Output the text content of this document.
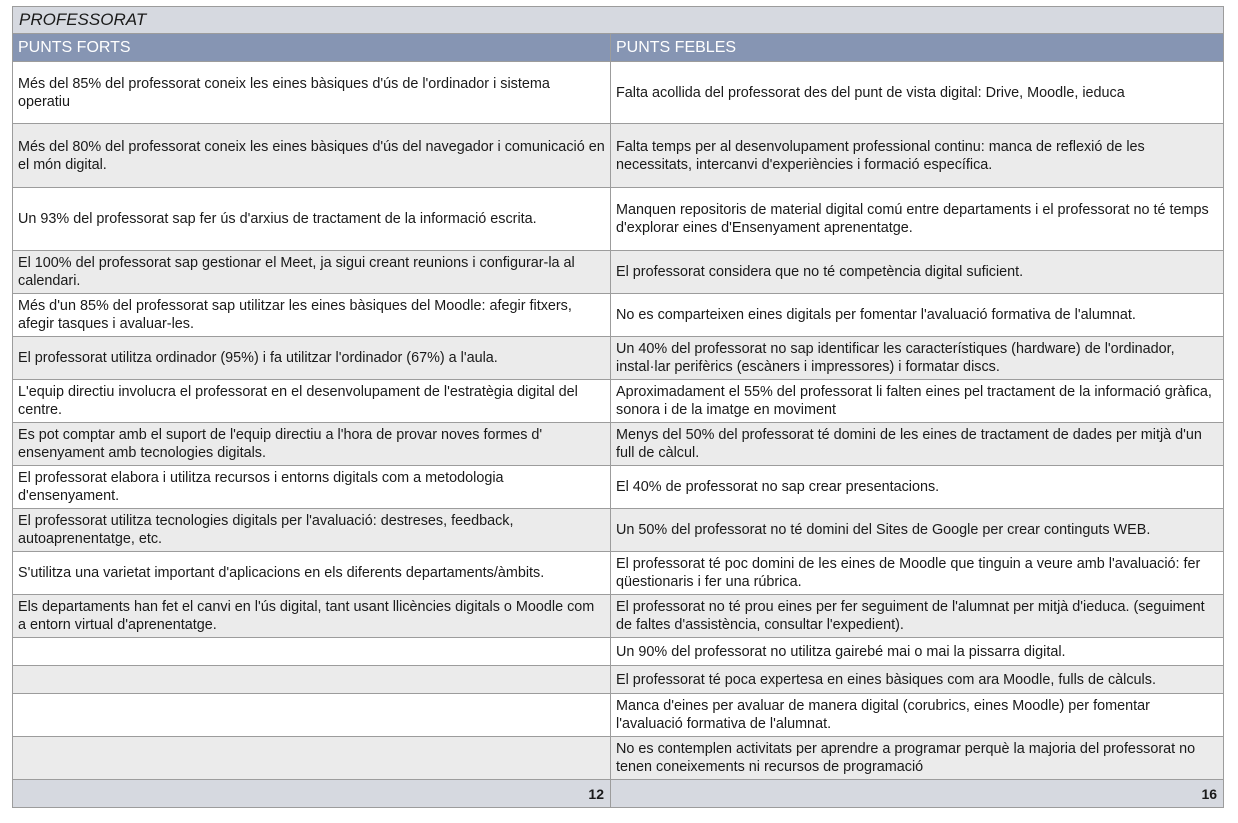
PROFESSORAT	
PUNTS FORTS	PUNTS FEBLES
Més del 85% del professorat coneix les eines bàsiques d'ús de l'ordinador i sistema operatiu	Falta acollida del professorat des del punt de vista digital: Drive, Moodle, ieduca
Més del 80% del professorat coneix les eines bàsiques d'ús del navegador i comunicació en el món digital.	Falta temps per al desenvolupament professional continu: manca de reflexió de les necessitats, intercanvi d'experiències i formació específica.
Un 93% del professorat sap fer ús d'arxius de tractament de la informació escrita.	Manquen repositoris de material digital comú entre departaments i el professorat no té temps d'explorar eines d'Ensenyament aprenentatge.
El 100% del professorat sap gestionar el Meet, ja sigui creant reunions i configurar-la al calendari.	El professorat considera que no té competència digital suficient.
Més d'un 85% del professorat sap utilitzar les eines bàsiques del Moodle: afegir fitxers, afegir tasques i avaluar-les.	No es comparteixen eines digitals per fomentar l'avaluació formativa de l'alumnat.
El professorat utilitza ordinador (95%) i fa utilitzar l'ordinador (67%) a l'aula.	Un 40% del professorat no sap identificar les característiques (hardware) de l'ordinador, instal·lar perifèrics (escàners i impressores) i formatar discs.
L'equip directiu involucra el professorat en el desenvolupament de l'estratègia digital del centre.	Aproximadament el 55% del professorat li falten eines pel tractament de la informació gràfica, sonora i de la imatge en moviment
Es pot comptar amb el suport de l'equip directiu a l'hora de provar noves formes d' ensenyament amb tecnologies digitals.	Menys del 50% del professorat té domini de les eines de tractament de dades per mitjà d'un full de càlcul.
El professorat elabora i utilitza recursos i entorns digitals com a metodologia d'ensenyament.	El 40% de professorat no sap crear presentacions.
El professorat utilitza tecnologies digitals per l'avaluació: destreses, feedback, autoaprenentatge, etc.	Un 50% del professorat no té domini del Sites de Google per crear continguts WEB.
S'utilitza una varietat important d'aplicacions en els diferents departaments/àmbits.	El professorat té poc domini de les eines de Moodle que tinguin a veure amb l'avaluació: fer qüestionaris i fer una rúbrica.
Els departaments han fet el canvi en l'ús digital, tant usant llicències digitals o Moodle com a entorn virtual d'aprenentatge.	El professorat no té prou eines per fer seguiment de l'alumnat per mitjà d'ieduca. (seguiment de faltes d'assistència, consultar l'expedient).
	Un 90% del professorat no utilitza gairebé mai o mai la pissarra digital.
	El professorat té poca expertesa en eines bàsiques com ara Moodle, fulls de càlculs.
	Manca d'eines per avaluar de manera digital (corubrics, eines Moodle) per fomentar l'avaluació formativa de l'alumnat.
	No es contemplen activitats per aprendre a programar perquè la majoria del professorat no tenen coneixements ni recursos de programació
12	16
